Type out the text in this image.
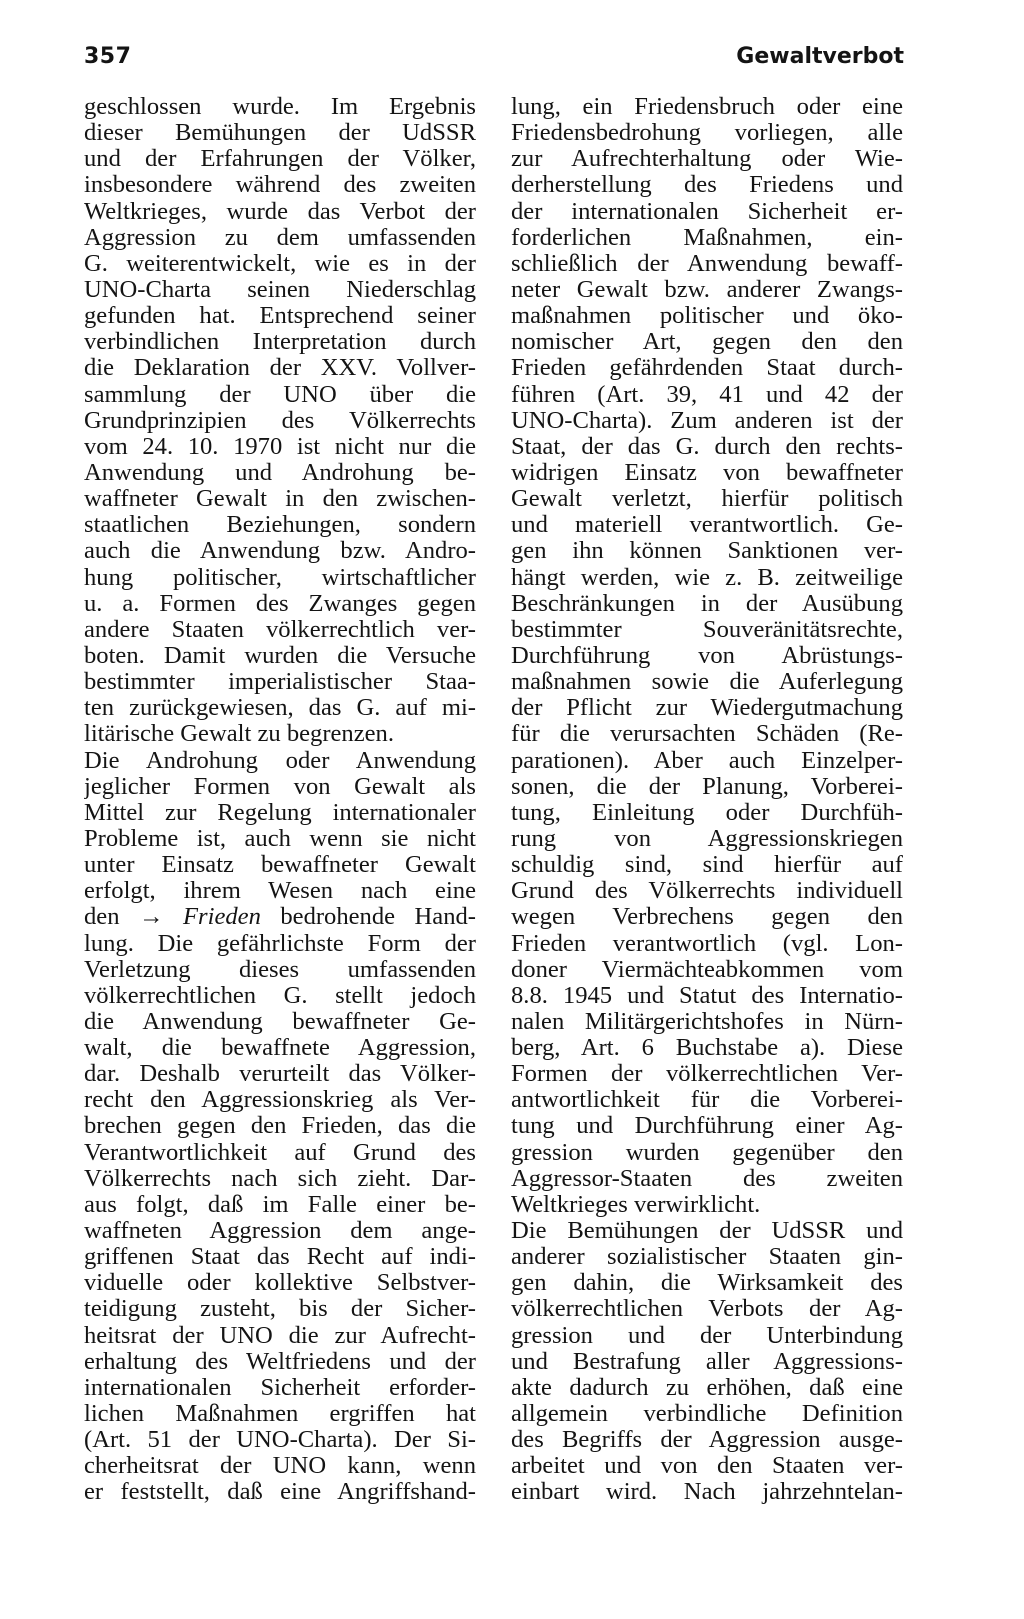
357	Gewaltverbot
geschlossen wurde. Im Ergebnis
dieser Bemühungen der UdSSR
und der Erfahrungen der Völker,
insbesondere während des zweiten
Weltkrieges, wurde das Verbot der
Aggression zu dem umfassenden
G. weiterentwickelt, wie es in der
UNO-Charta seinen Niederschlag
gefunden hat. Entsprechend seiner
verbindlichen Interpretation durch
die Deklaration der XXV. Vollver-
sammlung der UNO über die
Grundprinzipien des Völkerrechts
vom 24. 10. 1970 ist nicht nur die
Anwendung und Androhung be-
waffneter Gewalt in den zwischen-
staatlichen Beziehungen, sondern
auch die Anwendung bzw. Andro-
hung politischer, wirtschaftlicher
u. a. Formen des Zwanges gegen
andere Staaten völkerrechtlich ver-
boten. Damit wurden die Versuche
bestimmter imperialistischer Staa-
ten zurückgewiesen, das G. auf mi-
litärische Gewalt zu begrenzen.
Die Androhung oder Anwendung
jeglicher Formen von Gewalt als
Mittel zur Regelung internationaler
Probleme ist, auch wenn sie nicht
unter Einsatz bewaffneter Gewalt
erfolgt, ihrem Wesen nach eine
den → Frieden bedrohende Hand-
lung. Die gefährlichste Form der
Verletzung dieses umfassenden
völkerrechtlichen G. stellt jedoch
die Anwendung bewaffneter Ge-
walt, die bewaffnete Aggression,
dar. Deshalb verurteilt das Völker-
recht den Aggressionskrieg als Ver-
brechen gegen den Frieden, das die
Verantwortlichkeit auf Grund des
Völkerrechts nach sich zieht. Dar-
aus folgt, daß im Falle einer be-
waffneten Aggression dem ange-
griffenen Staat das Recht auf indi-
viduelle oder kollektive Selbstver-
teidigung zusteht, bis der Sicher-
heitsrat der UNO die zur Aufrecht-
erhaltung des Weltfriedens und der
internationalen Sicherheit erforder-
lichen Maßnahmen ergriffen hat
(Art. 51 der UNO-Charta). Der Si-
cherheitsrat der UNO kann, wenn
er feststellt, daß eine Angriffshand-
lung, ein Friedensbruch oder eine
Friedensbedrohung vorliegen, alle
zur Aufrechterhaltung oder Wie-
derherstellung des Friedens und
der internationalen Sicherheit er-
forderlichen Maßnahmen, ein-
schließlich der Anwendung bewaff-
neter Gewalt bzw. anderer Zwangs-
maßnahmen politischer und öko-
nomischer Art, gegen den den
Frieden gefährdenden Staat durch-
führen (Art. 39, 41 und 42 der
UNO-Charta). Zum anderen ist der
Staat, der das G. durch den rechts-
widrigen Einsatz von bewaffneter
Gewalt verletzt, hierfür politisch
und materiell verantwortlich. Ge-
gen ihn können Sanktionen ver-
hängt werden, wie z. B. zeitweilige
Beschränkungen in der Ausübung
bestimmter Souveränitätsrechte,
Durchführung von Abrüstungs-
maßnahmen sowie die Auferlegung
der Pflicht zur Wiedergutmachung
für die verursachten Schäden (Re-
parationen). Aber auch Einzelper-
sonen, die der Planung, Vorberei-
tung, Einleitung oder Durchfüh-
rung von Aggressionskriegen
schuldig sind, sind hierfür auf
Grund des Völkerrechts individuell
wegen Verbrechens gegen den
Frieden verantwortlich (vgl. Lon-
doner Viermächteabkommen vom
8.8. 1945 und Statut des Internatio-
nalen Militärgerichtshofes in Nürn-
berg, Art. 6 Buchstabe a). Diese
Formen der völkerrechtlichen Ver-
antwortlichkeit für die Vorberei-
tung und Durchführung einer Ag-
gression wurden gegenüber den
Aggressor-Staaten des zweiten
Weltkrieges verwirklicht.
Die Bemühungen der UdSSR und
anderer sozialistischer Staaten gin-
gen dahin, die Wirksamkeit des
völkerrechtlichen Verbots der Ag-
gression und der Unterbindung
und Bestrafung aller Aggressions-
akte dadurch zu erhöhen, daß eine
allgemein verbindliche Definition
des Begriffs der Aggression ausge-
arbeitet und von den Staaten ver-
einbart wird. Nach jahrzehntelan-
